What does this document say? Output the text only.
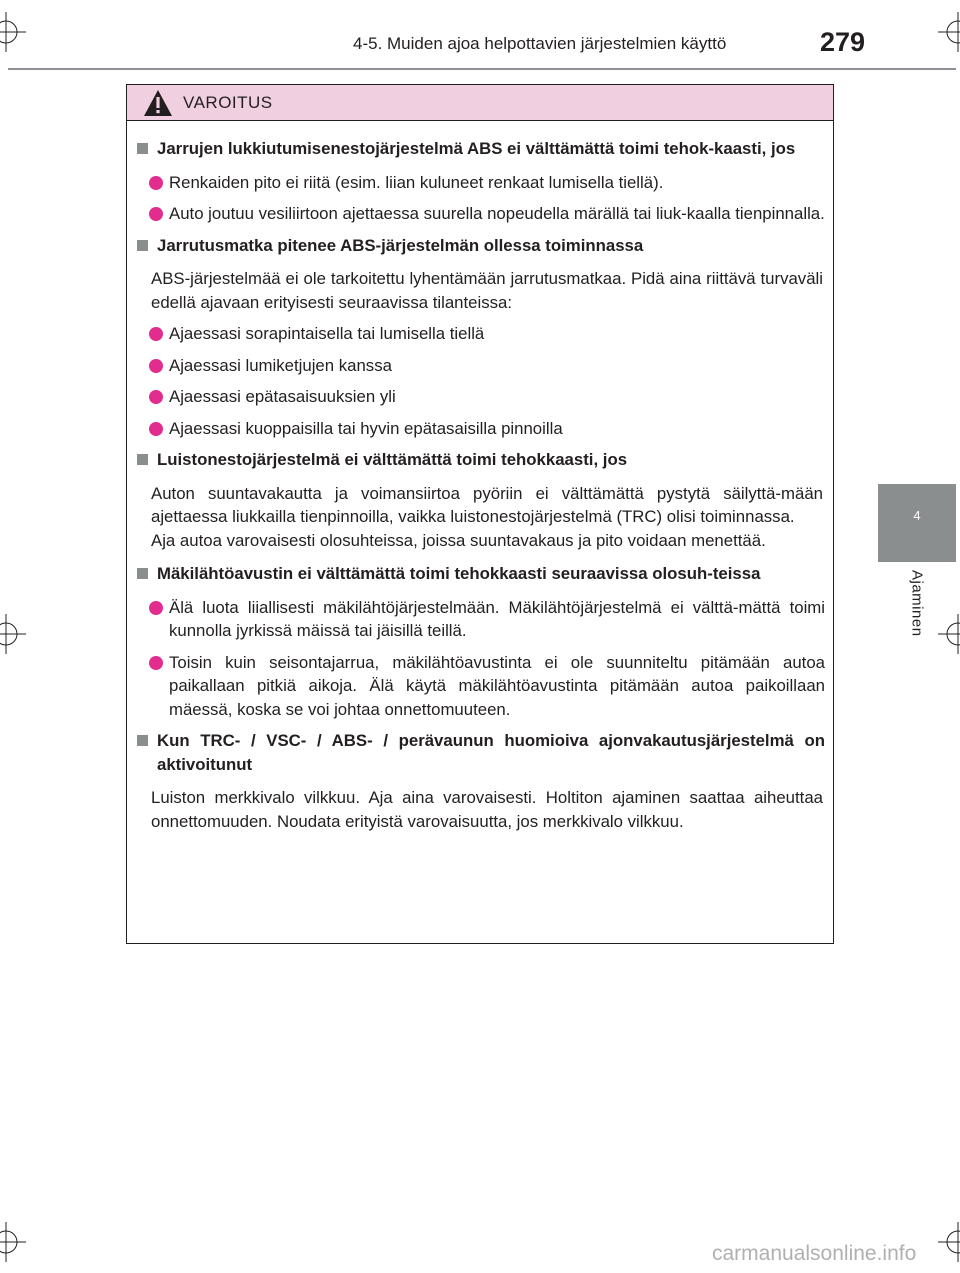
4-5. Muiden ajoa helpottavien järjestelmien käyttö	279
4
Ajaminen
VAROITUS
Jarrujen lukkiutumisenestojärjestelmä ABS ei välttämättä toimi tehok-kaasti, jos
Renkaiden pito ei riitä (esim. liian kuluneet renkaat lumisella tiellä).
Auto joutuu vesiliirtoon ajettaessa suurella nopeudella märällä tai liuk-kaalla tienpinnalla.
Jarrutusmatka pitenee ABS-järjestelmän ollessa toiminnassa
ABS-järjestelmää ei ole tarkoitettu lyhentämään jarrutusmatkaa. Pidä aina riittävä turvaväli edellä ajavaan erityisesti seuraavissa tilanteissa:
Ajaessasi sorapintaisella tai lumisella tiellä
Ajaessasi lumiketjujen kanssa
Ajaessasi epätasaisuuksien yli
Ajaessasi kuoppaisilla tai hyvin epätasaisilla pinnoilla
Luistonestojärjestelmä ei välttämättä toimi tehokkaasti, jos
Auton suuntavakautta ja voimansiirtoa pyöriin ei välttämättä pystytä säilyttä-mään ajettaessa liukkailla tienpinnoilla, vaikka luistonestojärjestelmä (TRC) olisi toiminnassa.
Aja autoa varovaisesti olosuhteissa, joissa suuntavakaus ja pito voidaan menettää.
Mäkilähtöavustin ei välttämättä toimi tehokkaasti seuraavissa olosuh-teissa
Älä luota liiallisesti mäkilähtöjärjestelmään. Mäkilähtöjärjestelmä ei välttä-mättä toimi kunnolla jyrkissä mäissä tai jäisillä teillä.
Toisin kuin seisontajarrua, mäkilähtöavustinta ei ole suunniteltu pitämään autoa paikallaan pitkiä aikoja. Älä käytä mäkilähtöavustinta pitämään autoa paikoillaan mäessä, koska se voi johtaa onnettomuuteen.
Kun TRC- / VSC- / ABS- / perävaunun huomioiva ajonvakautusjärjestelmä on aktivoitunut
Luiston merkkivalo vilkkuu. Aja aina varovaisesti. Holtiton ajaminen saattaa aiheuttaa onnettomuuden. Noudata erityistä varovaisuutta, jos merkkivalo vilkkuu.
carmanualsonline.info
